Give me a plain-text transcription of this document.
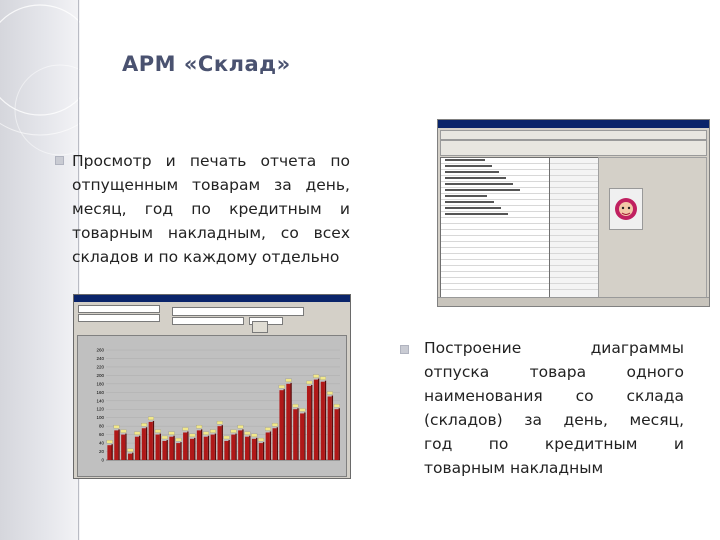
АРМ «Склад»
Просмотр и печать отчета по
отпущенным товарам за день,
месяц, год по кредитным и
товарным накладным, со всех
складов и по каждому отдельно
Построение диаграммы
отпуска товара одного
наименования со склада
(складов) за день, месяц,
год по кредитным и
товарным накладным
0
20
40
60
80
100
120
140
160
180
200
220
240
260
